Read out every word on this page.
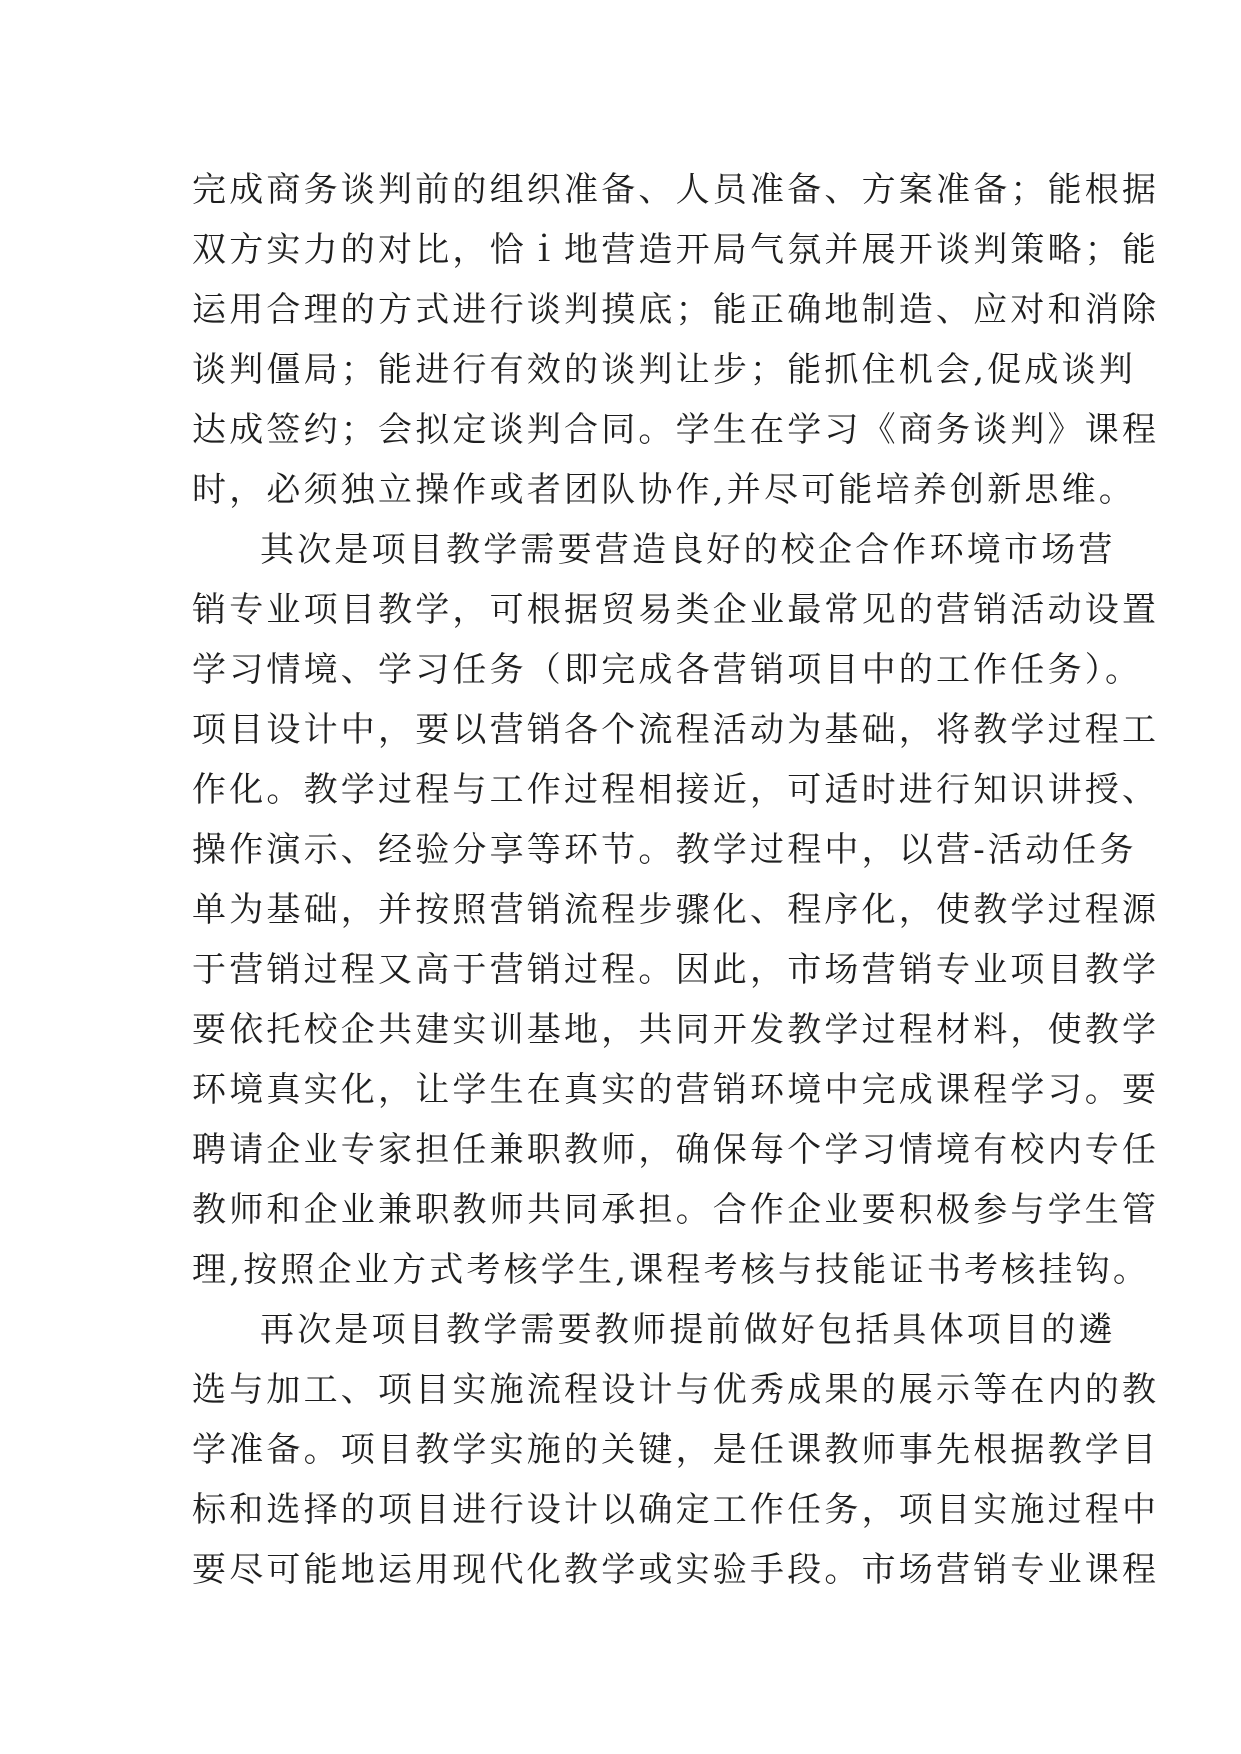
完成商务谈判前的组织准备、人员准备、方案准备；能根据
双方实力的对比，恰ｉ地营造开局气氛并展开谈判策略；能
运用合理的方式进行谈判摸底；能正确地制造、应对和消除
谈判僵局；能进行有效的谈判让步；能抓住机会,促成谈判
达成签约；会拟定谈判合同。学生在学习《商务谈判》课程
时，必须独立操作或者团队协作,并尽可能培养创新思维。
其次是项目教学需要营造良好的校企合作环境市场营
销专业项目教学，可根据贸易类企业最常见的营销活动设置
学习情境、学习任务（即完成各营销项目中的工作任务）。
项目设计中，要以营销各个流程活动为基础，将教学过程工
作化。教学过程与工作过程相接近，可适时进行知识讲授、
操作演示、经验分享等环节。教学过程中，以营-活动任务
单为基础，并按照营销流程步骤化、程序化，使教学过程源
于营销过程又高于营销过程。因此，市场营销专业项目教学
要依托校企共建实训基地，共同开发教学过程材料，使教学
环境真实化，让学生在真实的营销环境中完成课程学习。要
聘请企业专家担任兼职教师，确保每个学习情境有校内专任
教师和企业兼职教师共同承担。合作企业要积极参与学生管
理,按照企业方式考核学生,课程考核与技能证书考核挂钩。
再次是项目教学需要教师提前做好包括具体项目的遴
选与加工、项目实施流程设计与优秀成果的展示等在内的教
学准备。项目教学实施的关键，是任课教师事先根据教学目
标和选择的项目进行设计以确定工作任务，项目实施过程中
要尽可能地运用现代化教学或实验手段。市场营销专业课程
